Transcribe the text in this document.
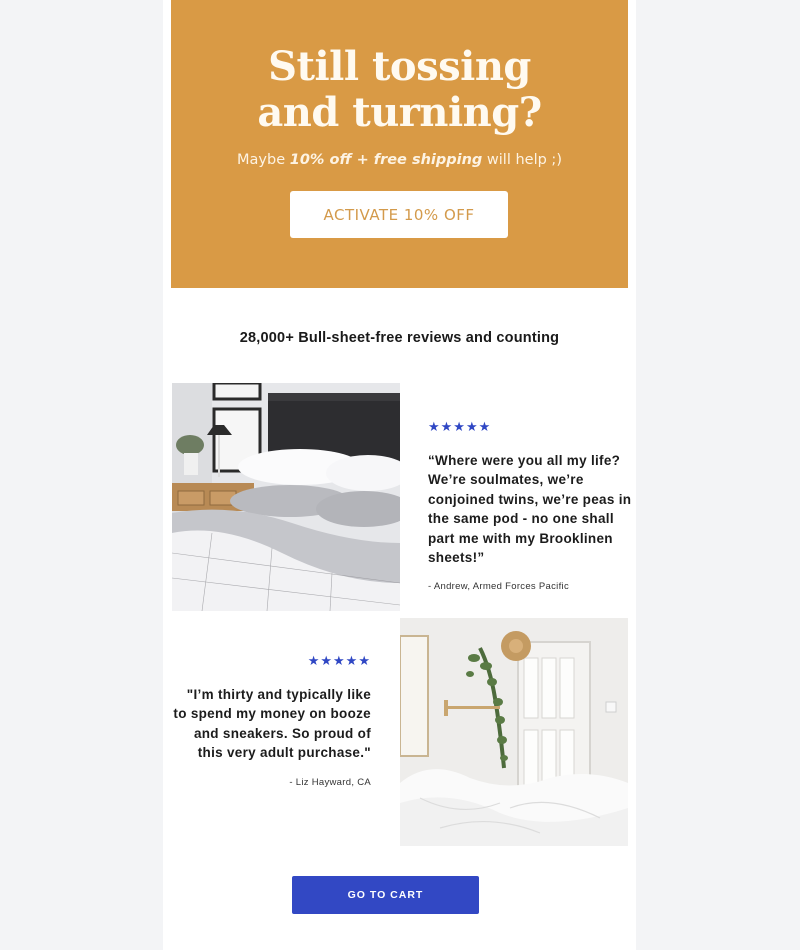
Still tossing
and turning?
Maybe 10% off + free shipping will help ;)
ACTIVATE 10% OFF
28,000+ Bull-sheet-free reviews and counting
★★★★★
“Where were you all my life? We’re soulmates, we’re conjoined twins, we’re peas in the same pod - no one shall part me with my Brooklinen sheets!”
- Andrew, Armed Forces Pacific
★★★★★
"I’m thirty and typically like to spend my money on booze and sneakers. So proud of this very adult purchase."
- Liz Hayward, CA
GO TO CART
